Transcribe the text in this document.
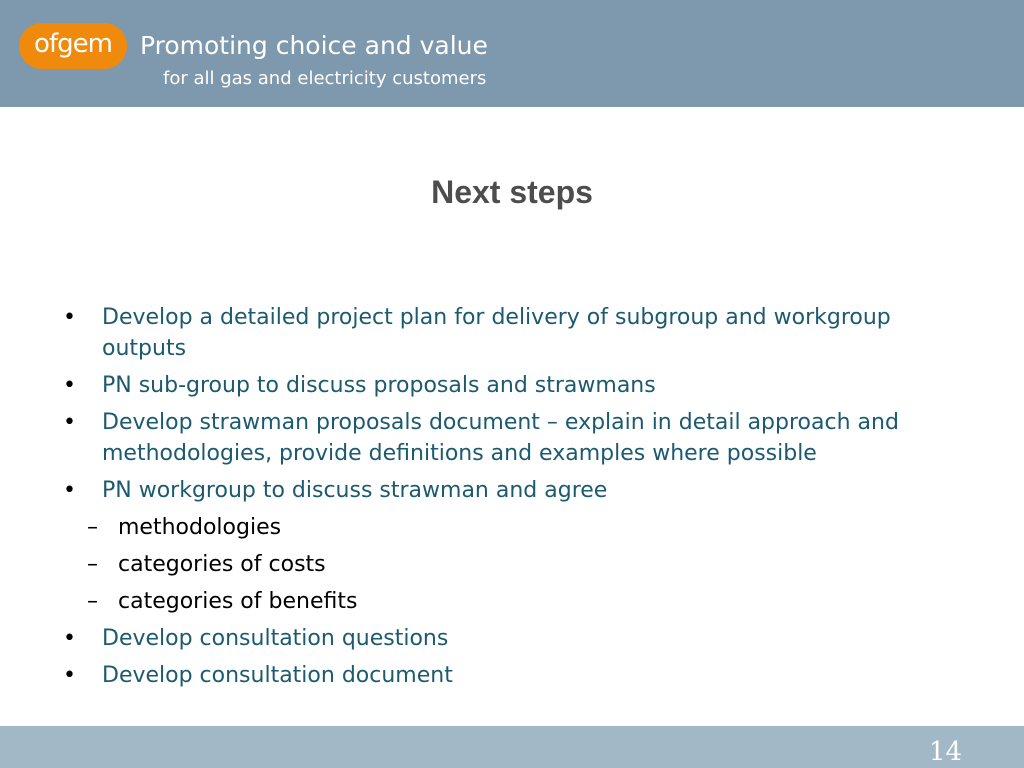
ofgem Promoting choice and value
for all gas and electricity customers
Next steps
• Develop a detailed project plan for delivery of subgroup and workgroup outputs
• PN sub-group to discuss proposals and strawmans
• Develop strawman proposals document – explain in detail approach and methodologies, provide definitions and examples where possible
• PN workgroup to discuss strawman and agree
– methodologies
– categories of costs
– categories of benefits
• Develop consultation questions
• Develop consultation document
14
